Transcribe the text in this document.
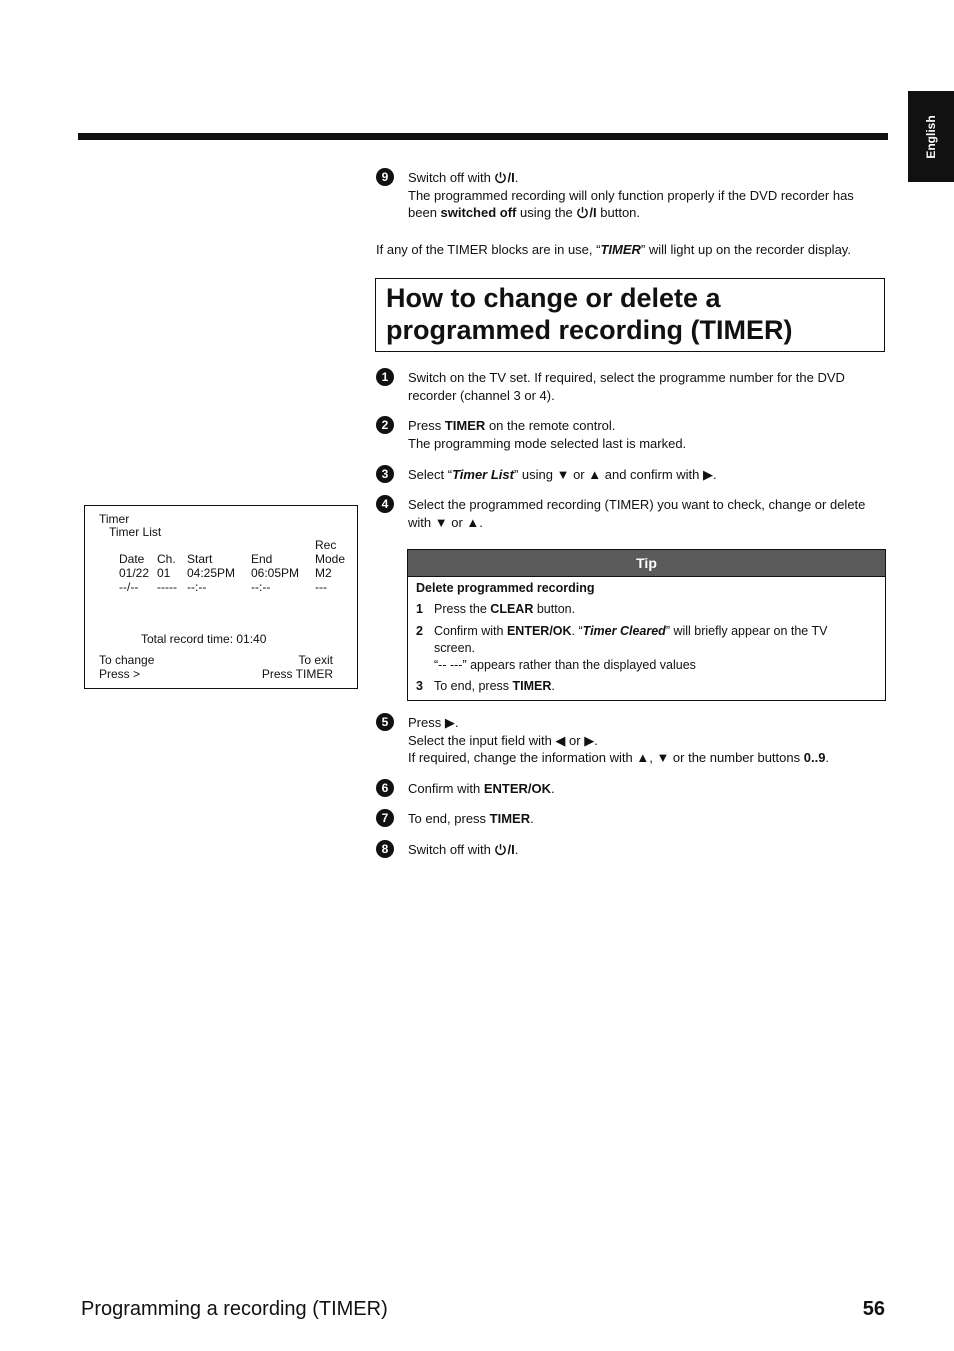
English
9	Switch off with /I.
The programmed recording will only function properly if the DVD recorder has
been switched off using the /I button.
If any of the TIMER blocks are in use, “TIMER” will light up on the recorder display.
How to change or delete a
programmed recording (TIMER)
1	Switch on the TV set. If required, select the programme number for the DVD recorder (channel 3 or 4).
2	Press TIMER on the remote control.
The programming mode selected last is marked.
3	Select “Timer List” using ▼ or ▲ and confirm with ▶.
4	Select the programmed recording (TIMER) you want to check, change or delete with ▼ or ▲.
Timer
Timer List
Rec
Date Ch. Start	End	Mode
01/22 01 04:25PM 06:05PM M2
--/-- ----- --:--	--:--	---
Total record time: 01:40
To change
Press >
To exit
Press TIMER
Tip
Delete programmed recording
1 Press the CLEAR button.
2 Confirm with ENTER/OK. “Timer Cleared” will briefly appear on the TV
screen.
“-- ---” appears rather than the displayed values
3 To end, press TIMER.
5	Press ▶.
Select the input field with ◀ or ▶.
If required, change the information with ▲, ▼ or the number buttons 0..9.
6	Confirm with ENTER/OK.
7	To end, press TIMER.
8	Switch off with /I.
Programming a recording (TIMER)	56
